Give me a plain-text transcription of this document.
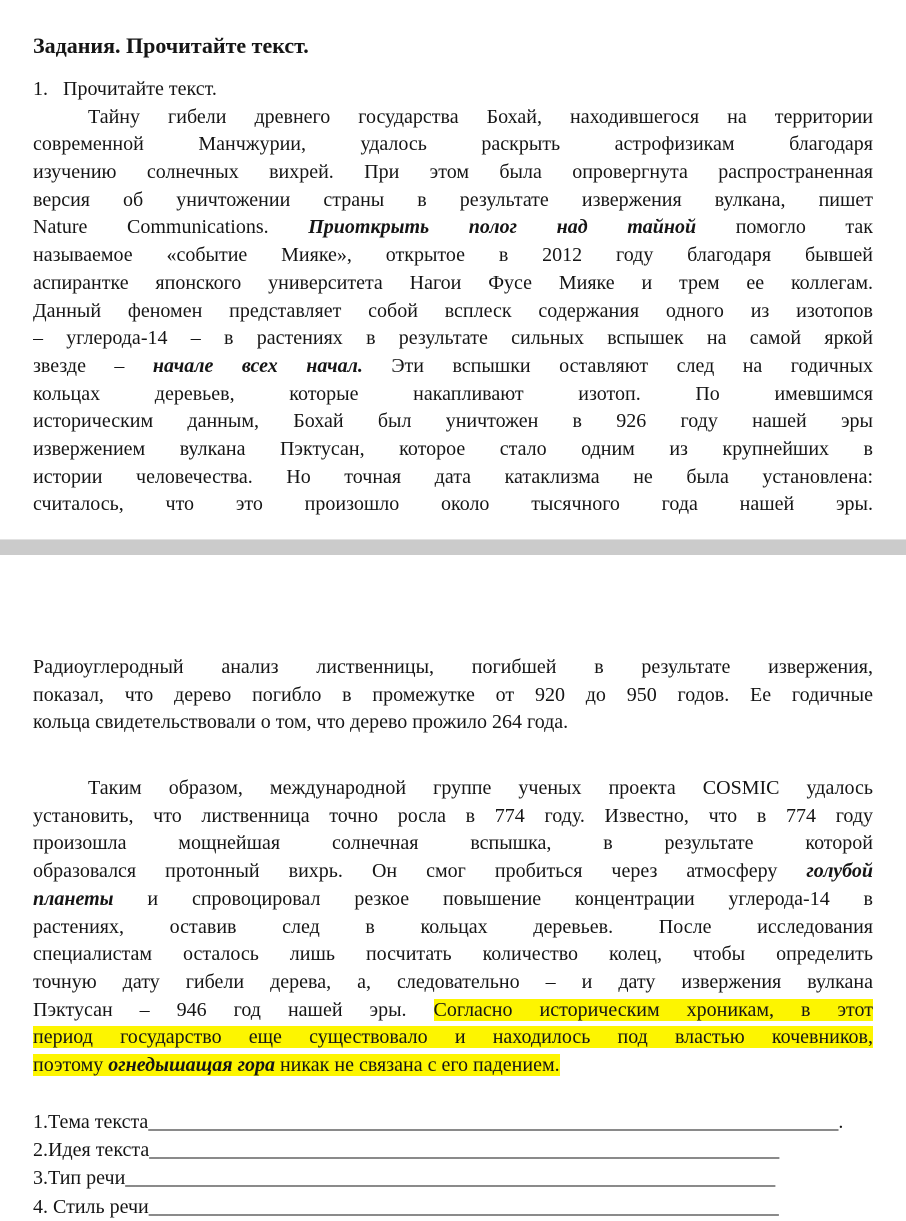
Задания. Прочитайте текст.
1.   Прочитайте текст.
Тайну гибели древнего государства Бохай, находившегося на территории
современной Манчжурии, удалось раскрыть астрофизикам благодаря
изучению солнечных вихрей. При этом была опровергнута распространенная
версия об уничтожении страны в результате извержения вулкана, пишет
Nature Communications. Приоткрыть полог над тайной помогло так
называемое «событие Мияке», открытое в 2012 году благодаря бывшей
аспирантке японского университета Нагои Фусе Мияке и трем ее коллегам.
Данный феномен представляет собой всплеск содержания одного из изотопов
– углерода-14 – в растениях в результате сильных вспышек на самой яркой
звезде – начале всех начал. Эти вспышки оставляют след на годичных
кольцах деревьев, которые накапливают изотоп. По имевшимся
историческим данным, Бохай был уничтожен в 926 году нашей эры
извержением вулкана Пэктусан, которое стало одним из крупнейших в
истории человечества. Но точная дата катаклизма не была установлена:
считалось, что это произошло около тысячного года нашей эры.
Радиоуглеродный анализ лиственницы, погибшей в результате извержения,
показал, что дерево погибло в промежутке от 920 до 950 годов. Ее годичные
кольца свидетельствовали о том, что дерево прожило 264 года.
Таким образом, международной группе ученых проекта COSMIC удалось
установить, что лиственница точно росла в 774 году. Известно, что в 774 году
произошла мощнейшая солнечная вспышка, в результате которой
образовался протонный вихрь. Он смог пробиться через атмосферу голубой
планеты и спровоцировал резкое повышение концентрации углерода-14 в
растениях, оставив след в кольцах деревьев. После исследования
специалистам осталось лишь посчитать количество колец, чтобы определить
точную дату гибели дерева, а, следовательно – и дату извержения вулкана
Пэктусан – 946 год нашей эры. Согласно историческим хроникам, в этот
период государство еще существовало и находилось под властью кочевников,
поэтому огнедышащая гора никак не связана с его падением.
1.Тема текста_____________________________________________________________________.
2.Идея текста_______________________________________________________________
3.Тип речи_________________________________________________________________
4. Стиль речи_______________________________________________________________
